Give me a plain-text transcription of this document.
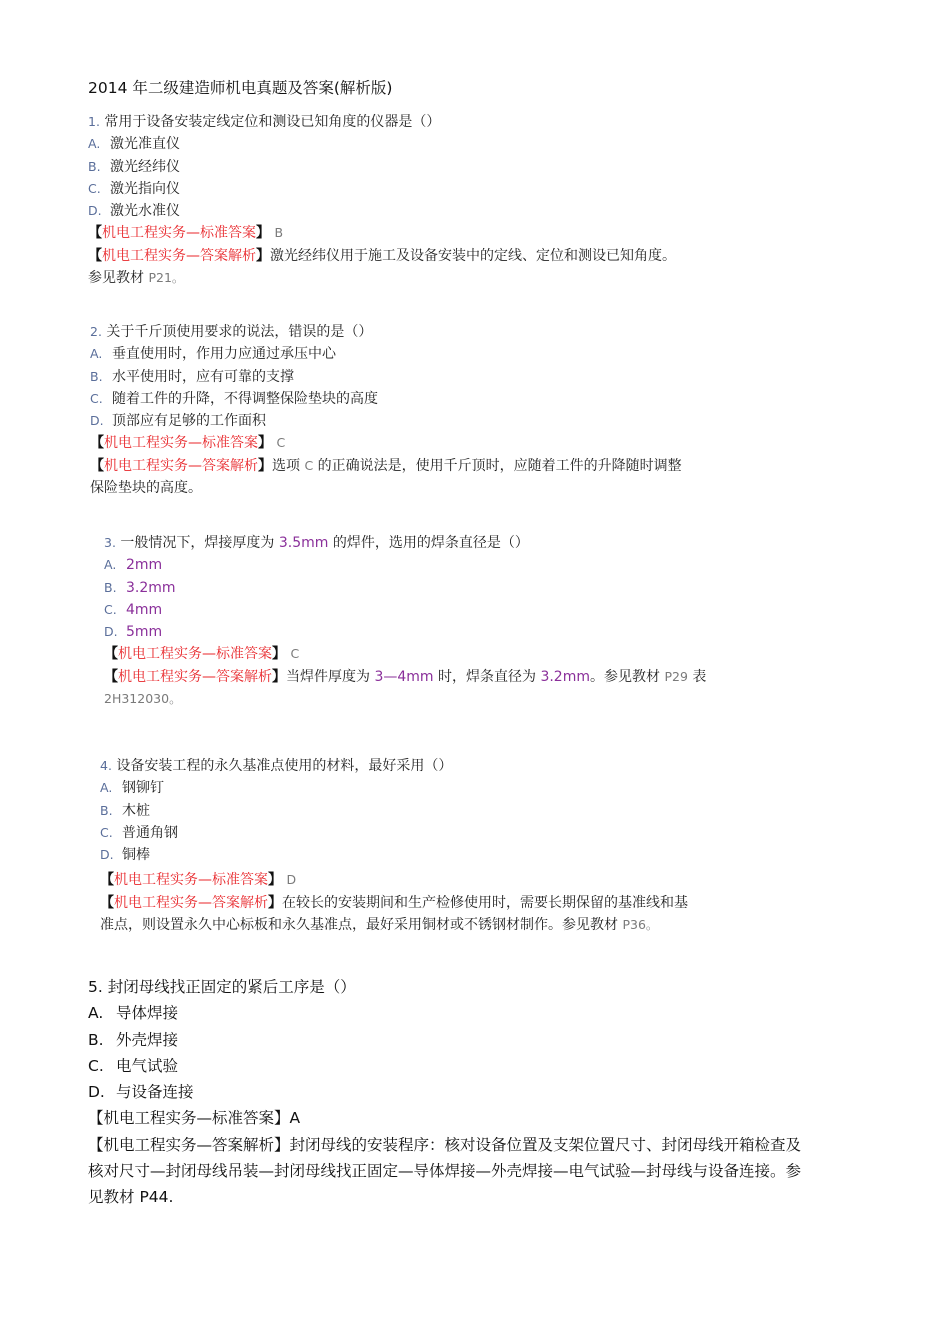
2014 年二级建造师机电真题及答案(解析版)
1. 常用于设备安装定线定位和测设已知角度的仪器是（）
A. 激光准直仪
B. 激光经纬仪
C. 激光指向仪
D. 激光水准仪
【机电工程实务—标准答案】 B
【机电工程实务—答案解析】激光经纬仪用于施工及设备安装中的定线、定位和测设已知角度。
参见教材 P21。
2. 关于千斤顶使用要求的说法，错误的是（）
A. 垂直使用时，作用力应通过承压中心
B. 水平使用时，应有可靠的支撑
C. 随着工件的升降，不得调整保险垫块的高度
D. 顶部应有足够的工作面积
【机电工程实务—标准答案】 C
【机电工程实务—答案解析】选项 C 的正确说法是，使用千斤顶时，应随着工件的升降随时调整
保险垫块的高度。
3. 一般情况下，焊接厚度为 3.5mm 的焊件，选用的焊条直径是（）
A. 2mm
B. 3.2mm
C. 4mm
D. 5mm
【机电工程实务—标准答案】 C
【机电工程实务—答案解析】当焊件厚度为 3—4mm 时，焊条直径为 3.2mm。参见教材 P29 表
2H312030。
4. 设备安装工程的永久基准点使用的材料，最好采用（）
A. 钢铆钉
B. 木桩
C. 普通角钢
D. 铜棒
【机电工程实务—标准答案】 D
【机电工程实务—答案解析】在较长的安装期间和生产检修使用时，需要长期保留的基准线和基
准点，则设置永久中心标板和永久基准点，最好采用铜材或不锈钢材制作。参见教材 P36。
5. 封闭母线找正固定的紧后工序是（）
A. 导体焊接
B. 外壳焊接
C. 电气试验
D. 与设备连接
【机电工程实务—标准答案】A
【机电工程实务—答案解析】封闭母线的安装程序：核对设备位置及支架位置尺寸、封闭母线开箱检查及
核对尺寸—封闭母线吊装—封闭母线找正固定—导体焊接—外壳焊接—电气试验—封母线与设备连接。参
见教材 P44.
